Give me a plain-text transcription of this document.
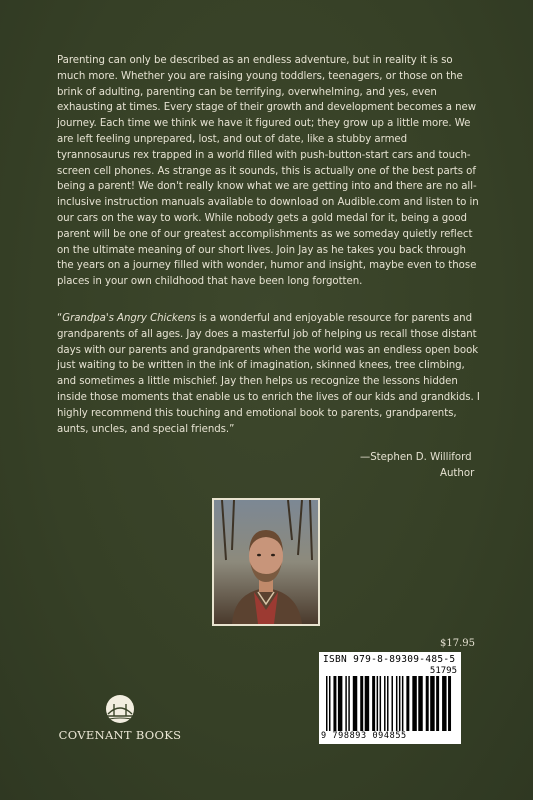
Parenting can only be described as an endless adventure, but in reality it is so much more. Whether you are raising young toddlers, teenagers, or those on the brink of adulting, parenting can be terrifying, overwhelming, and yes, even exhausting at times. Every stage of their growth and development becomes a new journey. Each time we think we have it figured out; they grow up a little more. We are left feeling unprepared, lost, and out of date, like a stubby armed tyrannosaurus rex trapped in a world filled with push-button-start cars and touch-screen cell phones. As strange as it sounds, this is actually one of the best parts of being a parent! We don't really know what we are getting into and there are no all-inclusive instruction manuals available to download on Audible.com and listen to in our cars on the way to work. While nobody gets a gold medal for it, being a good parent will be one of our greatest accomplishments as we someday quietly reflect on the ultimate meaning of our short lives. Join Jay as he takes you back through the years on a journey filled with wonder, humor and insight, maybe even to those places in your own childhood that have been long forgotten.

“Grandpa's Angry Chickens is a wonderful and enjoyable resource for parents and grandparents of all ages. Jay does a masterful job of helping us recall those distant days with our parents and grandparents when the world was an endless open book just waiting to be written in the ink of imagination, skinned knees, tree climbing, and sometimes a little mischief. Jay then helps us recognize the lessons hidden inside those moments that enable us to enrich the lives of our kids and grandkids. I highly recommend this touching and emotional book to parents, grandparents, aunts, uncles, and special friends.”

—Stephen D. Williford
Author
$17.95
ISBN 979-8-89309-485-5
51795
9 798893 094855
COVENANT BOOKS
